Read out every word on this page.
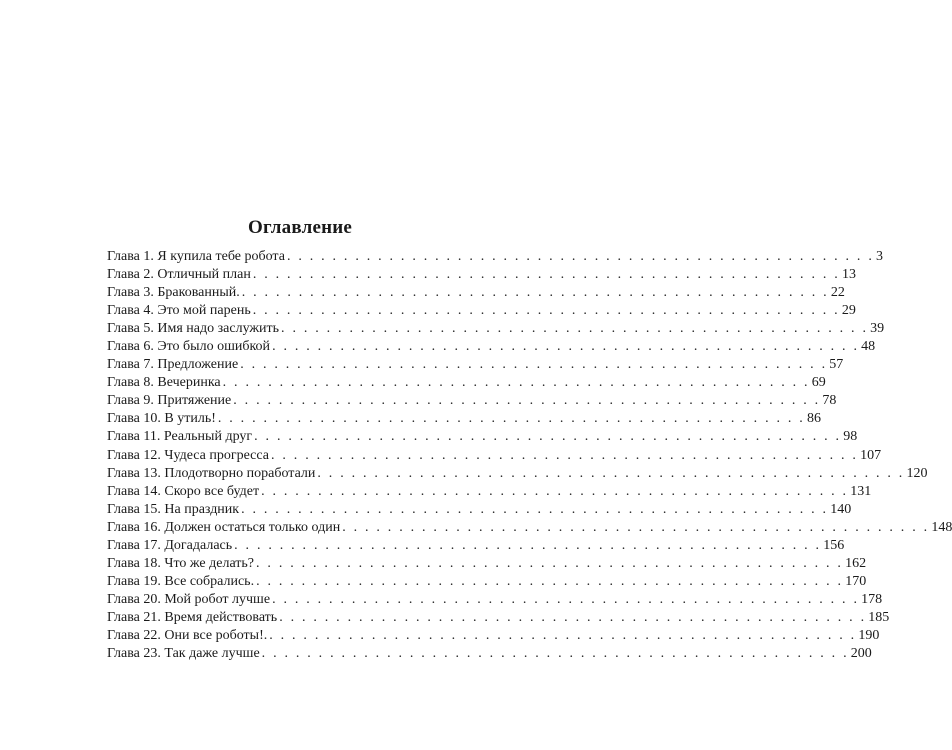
Оглавление
Глава 1. Я купила тебе робота . . . . . . . . . . . . . . . . . . . . . . . . . . . . . . . . . . . . . . . . . . . . . . . . . . . . 3
Глава 2. Отличный план . . . . . . . . . . . . . . . . . . . . . . . . . . . . . . . . . . . . . . . . . . . . . . . . . . . . 13
Глава 3. Бракованный. . . . . . . . . . . . . . . . . . . . . . . . . . . . . . . . . . . . . . . . . . . . . . . . . . . . . 22
Глава 4. Это мой парень . . . . . . . . . . . . . . . . . . . . . . . . . . . . . . . . . . . . . . . . . . . . . . . . . . . . 29
Глава 5. Имя надо заслужить . . . . . . . . . . . . . . . . . . . . . . . . . . . . . . . . . . . . . . . . . . . . . . . . . . . . 39
Глава 6. Это было ошибкой . . . . . . . . . . . . . . . . . . . . . . . . . . . . . . . . . . . . . . . . . . . . . . . . . . . . 48
Глава 7. Предложение . . . . . . . . . . . . . . . . . . . . . . . . . . . . . . . . . . . . . . . . . . . . . . . . . . . . 57
Глава 8. Вечеринка . . . . . . . . . . . . . . . . . . . . . . . . . . . . . . . . . . . . . . . . . . . . . . . . . . . . 69
Глава 9. Притяжение . . . . . . . . . . . . . . . . . . . . . . . . . . . . . . . . . . . . . . . . . . . . . . . . . . . . 78
Глава 10. В утиль! . . . . . . . . . . . . . . . . . . . . . . . . . . . . . . . . . . . . . . . . . . . . . . . . . . . . 86
Глава 11. Реальный друг . . . . . . . . . . . . . . . . . . . . . . . . . . . . . . . . . . . . . . . . . . . . . . . . . . . . 98
Глава 12. Чудеса прогресса . . . . . . . . . . . . . . . . . . . . . . . . . . . . . . . . . . . . . . . . . . . . . . . . . . . . 107
Глава 13. Плодотворно поработали . . . . . . . . . . . . . . . . . . . . . . . . . . . . . . . . . . . . . . . . . . . . . . . . . . . . 120
Глава 14. Скоро все будет . . . . . . . . . . . . . . . . . . . . . . . . . . . . . . . . . . . . . . . . . . . . . . . . . . . . 131
Глава 15. На праздник . . . . . . . . . . . . . . . . . . . . . . . . . . . . . . . . . . . . . . . . . . . . . . . . . . . . 140
Глава 16. Должен остаться только один . . . . . . . . . . . . . . . . . . . . . . . . . . . . . . . . . . . . . . . . . . . . . . . . . . . . 148
Глава 17. Догадалась . . . . . . . . . . . . . . . . . . . . . . . . . . . . . . . . . . . . . . . . . . . . . . . . . . . . 156
Глава 18. Что же делать? . . . . . . . . . . . . . . . . . . . . . . . . . . . . . . . . . . . . . . . . . . . . . . . . . . . . 162
Глава 19. Все собрались. . . . . . . . . . . . . . . . . . . . . . . . . . . . . . . . . . . . . . . . . . . . . . . . . . . . . 170
Глава 20. Мой робот лучше . . . . . . . . . . . . . . . . . . . . . . . . . . . . . . . . . . . . . . . . . . . . . . . . . . . . 178
Глава 21. Время действовать . . . . . . . . . . . . . . . . . . . . . . . . . . . . . . . . . . . . . . . . . . . . . . . . . . . . 185
Глава 22. Они все роботы!. . . . . . . . . . . . . . . . . . . . . . . . . . . . . . . . . . . . . . . . . . . . . . . . . . . . . 190
Глава 23. Так даже лучше . . . . . . . . . . . . . . . . . . . . . . . . . . . . . . . . . . . . . . . . . . . . . . . . . . . . 200
